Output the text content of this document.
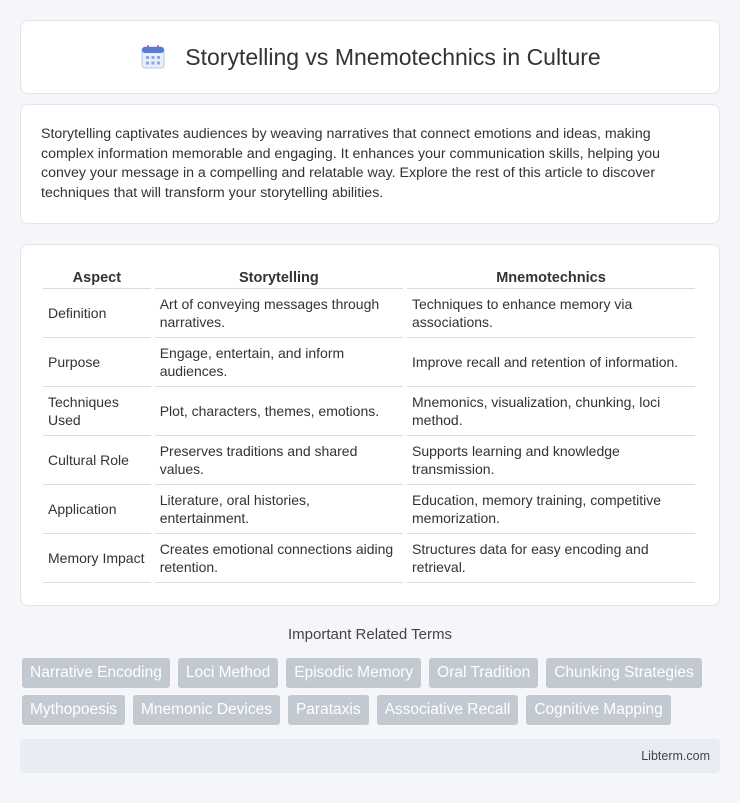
Storytelling vs Mnemotechnics in Culture

Storytelling captivates audiences by weaving narratives that connect emotions and ideas, making complex information memorable and engaging. It enhances your communication skills, helping you convey your message in a compelling and relatable way. Explore the rest of this article to discover techniques that will transform your storytelling abilities.

Aspect	Storytelling	Mnemotechnics
Definition	Art of conveying messages through narratives.	Techniques to enhance memory via associations.
Purpose	Engage, entertain, and inform audiences.	Improve recall and retention of information.
Techniques Used	Plot, characters, themes, emotions.	Mnemonics, visualization, chunking, loci method.
Cultural Role	Preserves traditions and shared values.	Supports learning and knowledge transmission.
Application	Literature, oral histories, entertainment.	Education, memory training, competitive memorization.
Memory Impact	Creates emotional connections aiding retention.	Structures data for easy encoding and retrieval.
Important Related Terms
Narrative Encoding	Loci Method	Episodic Memory	Oral Tradition	Chunking Strategies
Mythopoesis	Mnemonic Devices	Parataxis	Associative Recall	Cognitive Mapping
Libterm.com
